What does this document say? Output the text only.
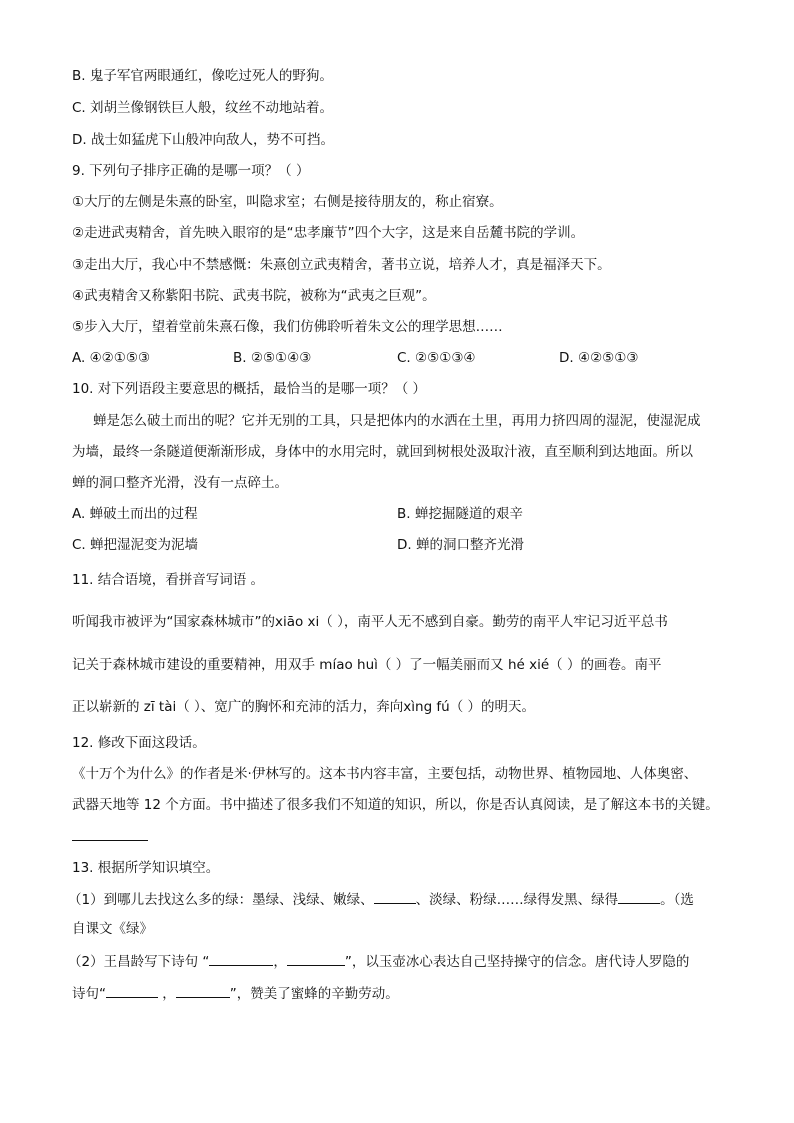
B. 鬼子军官两眼通红，像吃过死人的野狗。
C. 刘胡兰像钢铁巨人般，纹丝不动地站着。
D. 战士如猛虎下山般冲向敌人，势不可挡。
9. 下列句子排序正确的是哪一项？（ ）
①大厅的左侧是朱熹的卧室，叫隐求室；右侧是接待朋友的，称止宿寮。
②走进武夷精舍，首先映入眼帘的是“忠孝廉节”四个大字，这是来自岳麓书院的学训。
③走出大厅，我心中不禁感慨：朱熹创立武夷精舍，著书立说，培养人才，真是福泽天下。
④武夷精舍又称紫阳书院、武夷书院，被称为“武夷之巨观”。
⑤步入大厅，望着堂前朱熹石像，我们仿佛聆听着朱文公的理学思想……
A. ④②①⑤③	B. ②⑤①④③	C. ②⑤①③④	D. ④②⑤①③
10. 对下列语段主要意思的概括，最恰当的是哪一项？（ ）
蝉是怎么破土而出的呢？它并无别的工具，只是把体内的水洒在土里，再用力挤四周的湿泥，使湿泥成
为墙，最终一条隧道便渐渐形成，身体中的水用完时，就回到树根处汲取汁液，直至顺利到达地面。所以
蝉的洞口整齐光滑，没有一点碎土。
A. 蝉破土而出的过程	B. 蝉挖掘隧道的艰辛
C. 蝉把湿泥变为泥墙	D. 蝉的洞口整齐光滑
11. 结合语境，看拼音写词语 。
听闻我市被评为“国家森林城市”的xiāo xi（ ），南平人无不感到自豪。勤劳的南平人牢记习近平总书
记关于森林城市建设的重要精神，用双手 míao huì（ ）了一幅美丽而又 hé xié（ ）的画卷。南平
正以崭新的 zī tài（ ）、宽广的胸怀和充沛的活力，奔向xìng fú（ ）的明天。
12. 修改下面这段话。
《十万个为什么》的作者是米·伊林写的。这本书内容丰富，主要包括，动物世界、植物园地、人体奥密、
武器天地等 12 个方面。书中描述了很多我们不知道的知识，所以，你是否认真阅读，是了解这本书的关键。
13. 根据所学知识填空。
（1）到哪儿去找这么多的绿：墨绿、浅绿、嫩绿、	、淡绿、粉绿……绿得发黑、绿得	。（选
自课文《绿》
（2）王昌龄写下诗句 “	，	”，以玉壶冰心表达自己坚持操守的信念。唐代诗人罗隐的
诗句“	，	”，赞美了蜜蜂的辛勤劳动。
